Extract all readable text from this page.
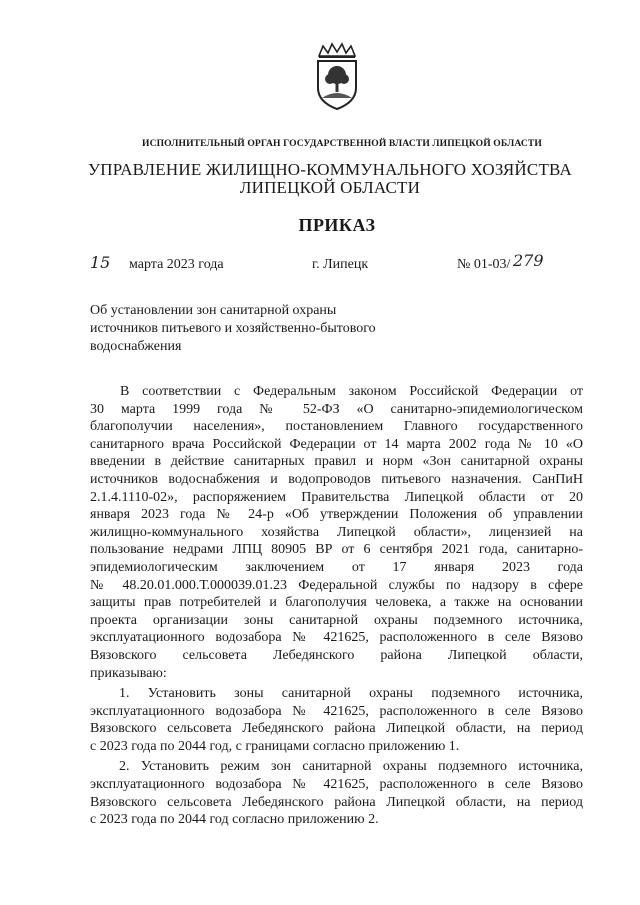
ИСПОЛНИТЕЛЬНЫЙ ОРГАН ГОСУДАРСТВЕННОЙ ВЛАСТИ ЛИПЕЦКОЙ ОБЛАСТИ
УПРАВЛЕНИЕ ЖИЛИЩНО-КОММУНАЛЬНОГО ХОЗЯЙСТВА
ЛИПЕЦКОЙ ОБЛАСТИ
ПРИКАЗ
15 марта 2023 года	г. Липецк	№ 01-03/ 279
Об установлении зон санитарной охраны
источников питьевого и хозяйственно-бытового
водоснабжения
В соответствии с Федеральным законом Российской Федерации от
30 марта 1999 года № 52-ФЗ «О санитарно-эпидемиологическом
благополучии населения», постановлением Главного государственного
санитарного врача Российской Федерации от 14 марта 2002 года № 10 «О
введении в действие санитарных правил и норм «Зон санитарной охраны
источников водоснабжения и водопроводов питьевого назначения. СанПиН
2.1.4.1110-02», распоряжением Правительства Липецкой области от 20
января 2023 года № 24-р «Об утверждении Положения об управлении
жилищно-коммунального хозяйства Липецкой области», лицензией на
пользование недрами ЛПЦ 80905 ВР от 6 сентября 2021 года, санитарно-
эпидемиологическим заключением от 17 января 2023 года
№ 48.20.01.000.Т.000039.01.23 Федеральной службы по надзору в сфере
защиты прав потребителей и благополучия человека, а также на основании
проекта организации зоны санитарной охраны подземного источника,
эксплуатационного водозабора № 421625, расположенного в селе Вязово
Вязовского сельсовета Лебедянского района Липецкой области,
приказываю:
1. Установить зоны санитарной охраны подземного источника,
эксплуатационного водозабора № 421625, расположенного в селе Вязово
Вязовского сельсовета Лебедянского района Липецкой области, на период
с 2023 года по 2044 год, с границами согласно приложению 1.
2. Установить режим зон санитарной охраны подземного источника,
эксплуатационного водозабора № 421625, расположенного в селе Вязово
Вязовского сельсовета Лебедянского района Липецкой области, на период
с 2023 года по 2044 год согласно приложению 2.
